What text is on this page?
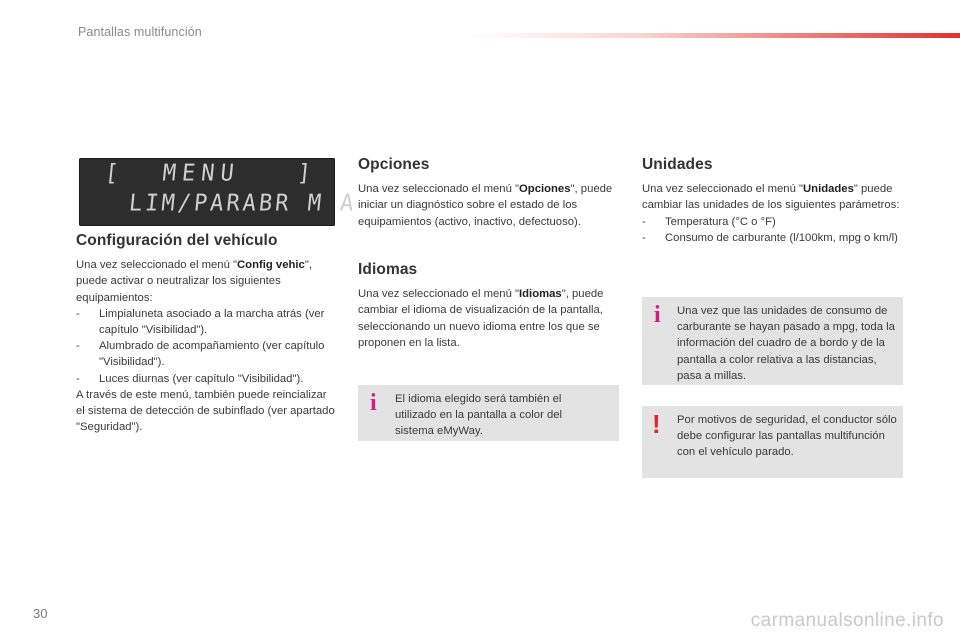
Pantallas multifunción
[  MENU   ]
LIM/PARABR M A
Configuración del vehículo

Una vez seleccionado el menú "Config vehic", puede activar o neutralizar los siguientes equipamientos:

- Limpialuneta asociado a la marcha atrás (ver capítulo "Visibilidad").

- Alumbrado de acompañamiento (ver capítulo "Visibilidad").

- Luces diurnas (ver capítulo "Visibilidad").

A través de este menú, también puede reincializar el sistema de detección de subinflado (ver apartado "Seguridad").

Opciones

Una vez seleccionado el menú "Opciones", puede iniciar un diagnóstico sobre el estado de los equipamientos (activo, inactivo, defectuoso).

Idiomas

Una vez seleccionado el menú "Idiomas", puede cambiar el idioma de visualización de la pantalla, seleccionando un nuevo idioma entre los que se proponen en la lista.

i El idioma elegido será también el utilizado en la pantalla a color del sistema eMyWay.
Unidades

Una vez seleccionado el menú "Unidades" puede cambiar las unidades de los siguientes parámetros:

- Temperatura (°C o °F)

- Consumo de carburante (l/100km, mpg o km/l)

i Una vez que las unidades de consumo de carburante se hayan pasado a mpg, toda la información del cuadro de a bordo y de la pantalla a color relativa a las distancias, pasa a millas.
! Por motivos de seguridad, el conductor sólo debe configurar las pantallas multifunción con el vehículo parado.
30	carmanualsonline.info
